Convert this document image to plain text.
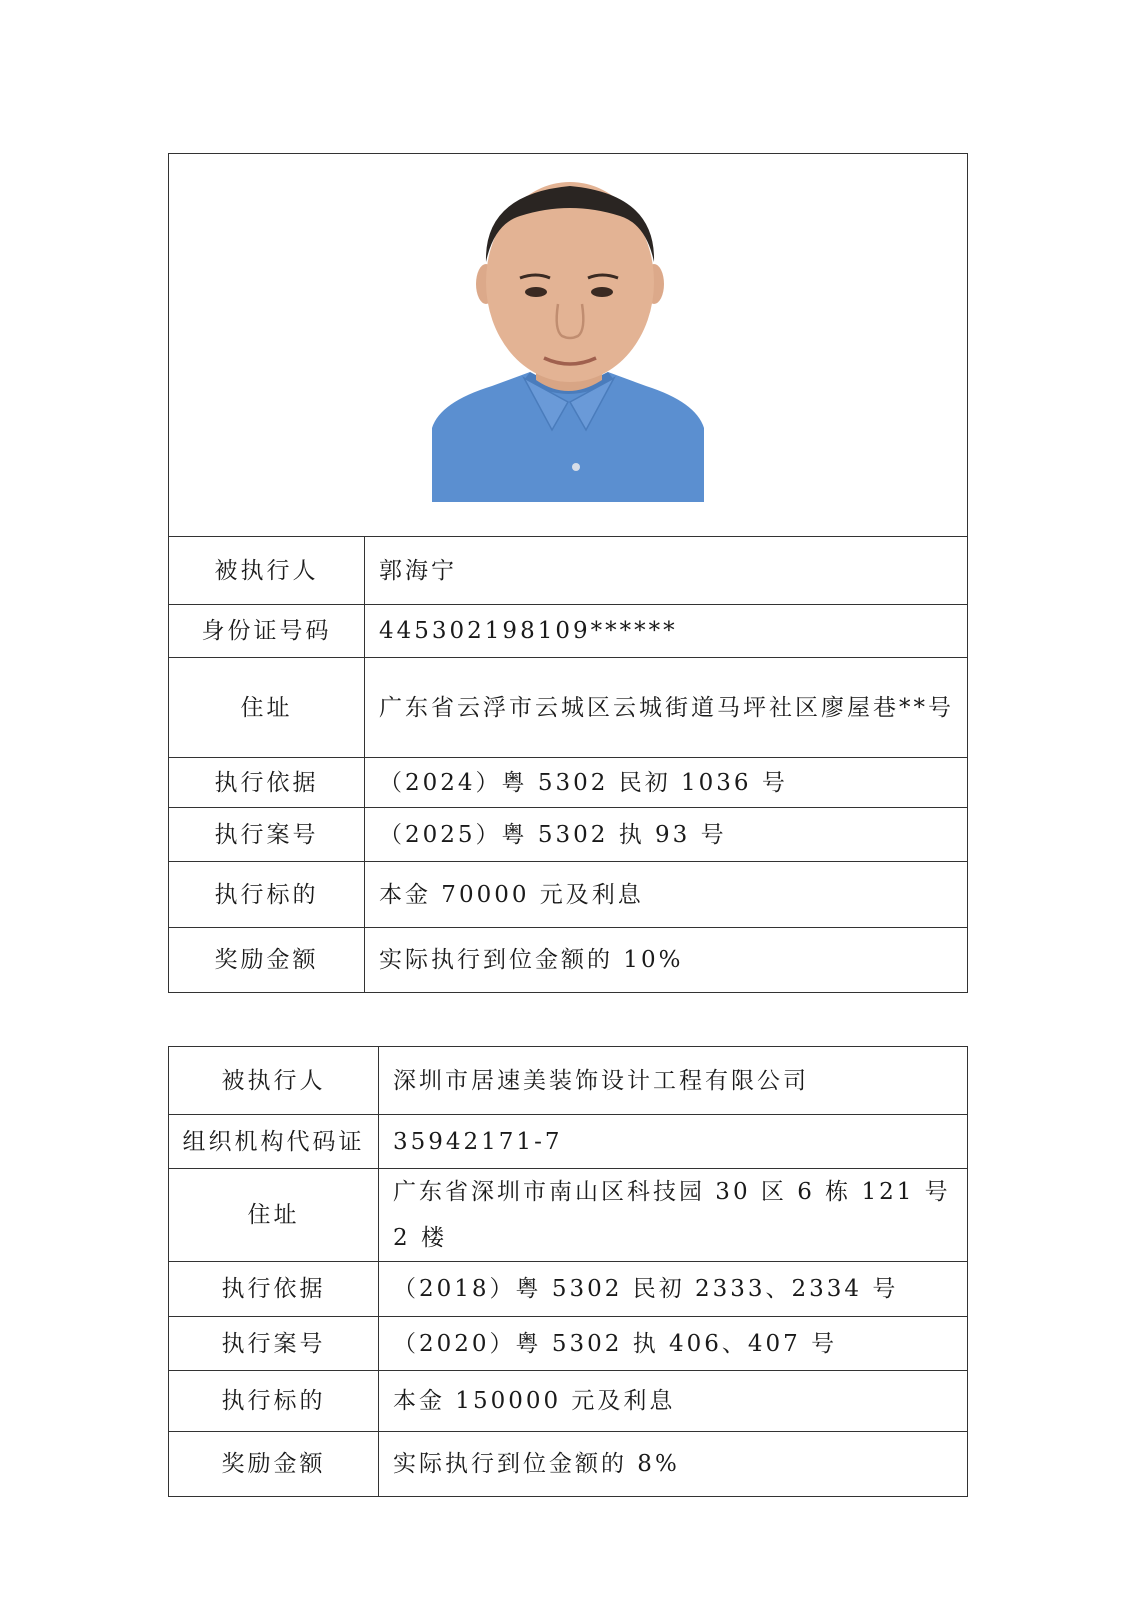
被执行人	郭海宁
身份证号码	445302198109******
住址	广东省云浮市云城区云城街道马坪社区廖屋巷**号
执行依据	（2024）粤 5302 民初 1036 号
执行案号	（2025）粤 5302 执 93 号
执行标的	本金 70000 元及利息
奖励金额	实际执行到位金额的 10%
被执行人	深圳市居速美装饰设计工程有限公司
组织机构代码证	35942171-7
住址	广东省深圳市南山区科技园 30 区 6 栋 121 号 2 楼
执行依据	（2018）粤 5302 民初 2333、2334 号
执行案号	（2020）粤 5302 执 406、407 号
执行标的	本金 150000 元及利息
奖励金额	实际执行到位金额的 8%
